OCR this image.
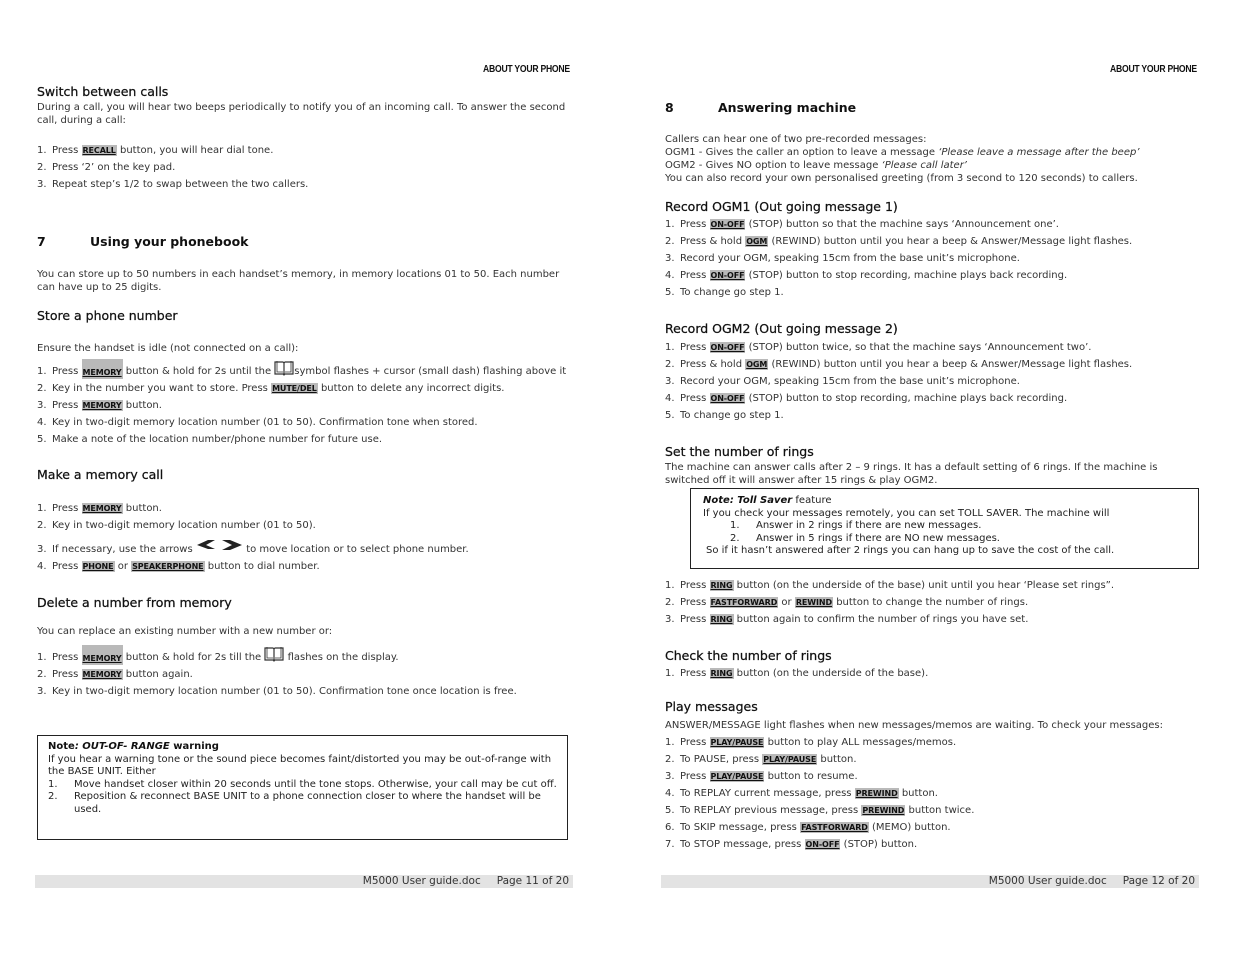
ABOUT YOUR PHONE
Switch between calls
During a call, you will hear two beeps periodically to notify you of an incoming call. To answer the second call, during a call:
1. Press RECALL button, you will hear dial tone.
2. Press ‘2’ on the key pad.
3. Repeat step’s 1/2 to swap between the two callers.
7	Using your phonebook
You can store up to 50 numbers in each handset’s memory, in memory locations 01 to 50. Each number can have up to 25 digits.
Store a phone number
Ensure the handset is idle (not connected on a call):
1. Press MEMORY button & hold for 2s until the symbol flashes + cursor (small dash) flashing above it
2. Key in the number you want to store. Press MUTE/DEL button to delete any incorrect digits.
3. Press MEMORY button.
4. Key in two-digit memory location number (01 to 50). Confirmation tone when stored.
5. Make a note of the location number/phone number for future use.
Make a memory call
1. Press MEMORY button.
2. Key in two-digit memory location number (01 to 50).
3. If necessary, use the arrows	to move location or to select phone number.
4. Press PHONE or SPEAKERPHONE button to dial number.
Delete a number from memory
You can replace an existing number with a new number or:
1. Press MEMORY button & hold for 2s till the  flashes on the display.
2. Press MEMORY button again.
3. Key in two-digit memory location number (01 to 50). Confirmation tone once location is free.
Note: OUT-OF- RANGE warning
If you hear a warning tone or the sound piece becomes faint/distorted you may be out-of-range with the BASE UNIT. Either
1.	Move handset closer within 20 seconds until the tone stops. Otherwise, your call may be cut off.
2.	Reposition & reconnect BASE UNIT to a phone connection closer to where the handset will be used.
M5000 User guide.doc Page 11 of 20
ABOUT YOUR PHONE
8	Answering machine
Callers can hear one of two pre-recorded messages:
OGM1 - Gives the caller an option to leave a message ‘Please leave a message after the beep’
OGM2 - Gives NO option to leave message ‘Please call later’
You can also record your own personalised greeting (from 3 second to 120 seconds) to callers.
Record OGM1 (Out going message 1)
1. Press ON-OFF (STOP) button so that the machine says ‘Announcement one’.
2. Press & hold OGM (REWIND) button until you hear a beep & Answer/Message light flashes.
3. Record your OGM, speaking 15cm from the base unit’s microphone.
4. Press ON-OFF (STOP) button to stop recording, machine plays back recording.
5. To change go step 1.
Record OGM2 (Out going message 2)
1. Press ON-OFF (STOP) button twice, so that the machine says ‘Announcement two’.
2. Press & hold OGM (REWIND) button until you hear a beep & Answer/Message light flashes.
3. Record your OGM, speaking 15cm from the base unit’s microphone.
4. Press ON-OFF (STOP) button to stop recording, machine plays back recording.
5. To change go step 1.
Set the number of rings
The machine can answer calls after 2 – 9 rings. It has a default setting of 6 rings. If the machine is switched off it will answer after 15 rings & play OGM2.
Note: Toll Saver feature
If you check your messages remotely, you can set TOLL SAVER. The machine will
1.	Answer in 2 rings if there are new messages.
2.	Answer in 5 rings if there are NO new messages.
So if it hasn’t answered after 2 rings you can hang up to save the cost of the call.
1. Press RING button (on the underside of the base) unit until you hear ‘Please set rings”.
2. Press FASTFORWARD or REWIND button to change the number of rings.
3. Press RING button again to confirm the number of rings you have set.
Check the number of rings
1. Press RING button (on the underside of the base).
Play messages
ANSWER/MESSAGE light flashes when new messages/memos are waiting. To check your messages:
1. Press PLAY/PAUSE button to play ALL messages/memos.
2. To PAUSE, press PLAY/PAUSE button.
3. Press PLAY/PAUSE button to resume.
4. To REPLAY current message, press PREWIND button.
5. To REPLAY previous message, press PREWIND button twice.
6. To SKIP message, press FASTFORWARD (MEMO) button.
7. To STOP message, press ON-OFF (STOP) button.
M5000 User guide.doc Page 12 of 20
